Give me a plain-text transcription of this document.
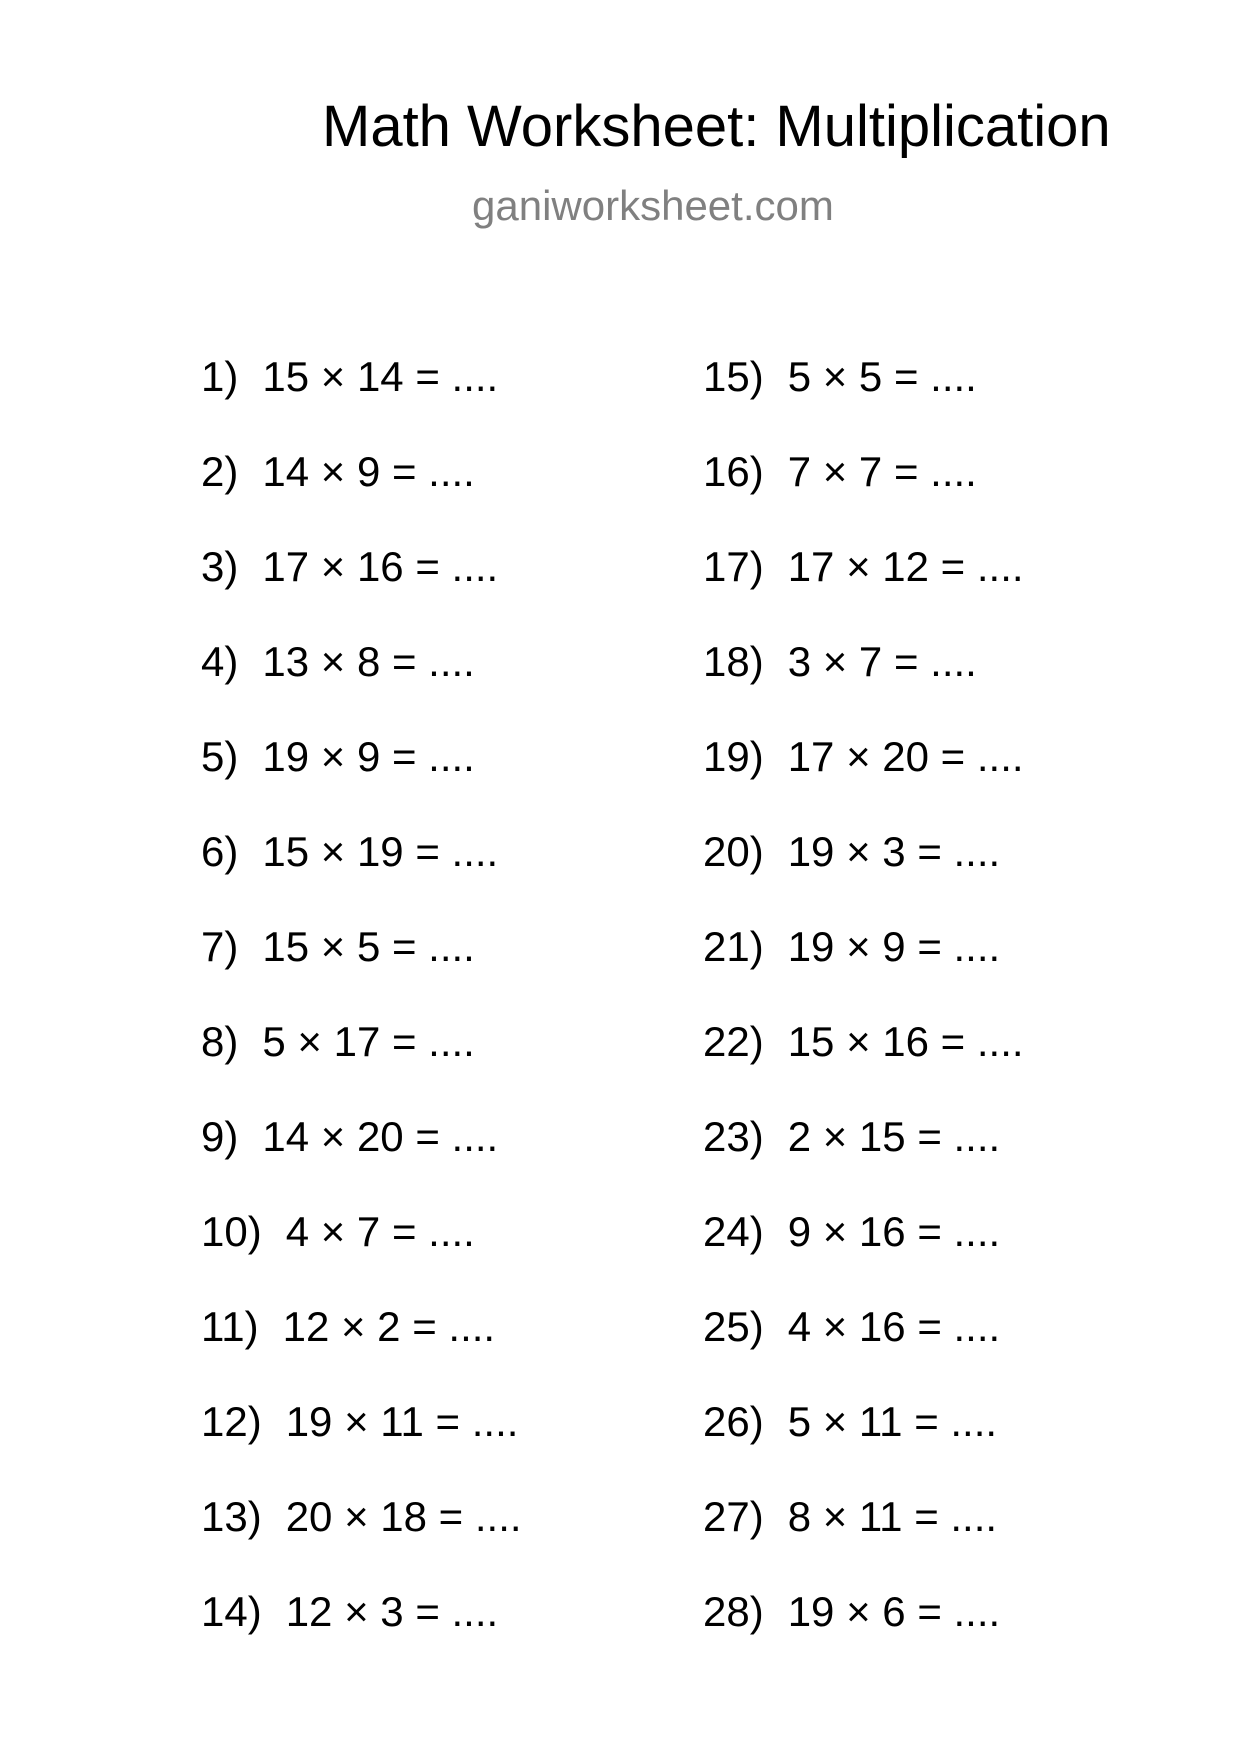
Math Worksheet: Multiplication
ganiworksheet.com
1) 15 × 14 = ....
2) 14 × 9 = ....
3) 17 × 16 = ....
4) 13 × 8 = ....
5) 19 × 9 = ....
6) 15 × 19 = ....
7) 15 × 5 = ....
8) 5 × 17 = ....
9) 14 × 20 = ....
10) 4 × 7 = ....
11) 12 × 2 = ....
12) 19 × 11 = ....
13) 20 × 18 = ....
14) 12 × 3 = ....
15) 5 × 5 = ....
16) 7 × 7 = ....
17) 17 × 12 = ....
18) 3 × 7 = ....
19) 17 × 20 = ....
20) 19 × 3 = ....
21) 19 × 9 = ....
22) 15 × 16 = ....
23) 2 × 15 = ....
24) 9 × 16 = ....
25) 4 × 16 = ....
26) 5 × 11 = ....
27) 8 × 11 = ....
28) 19 × 6 = ....
